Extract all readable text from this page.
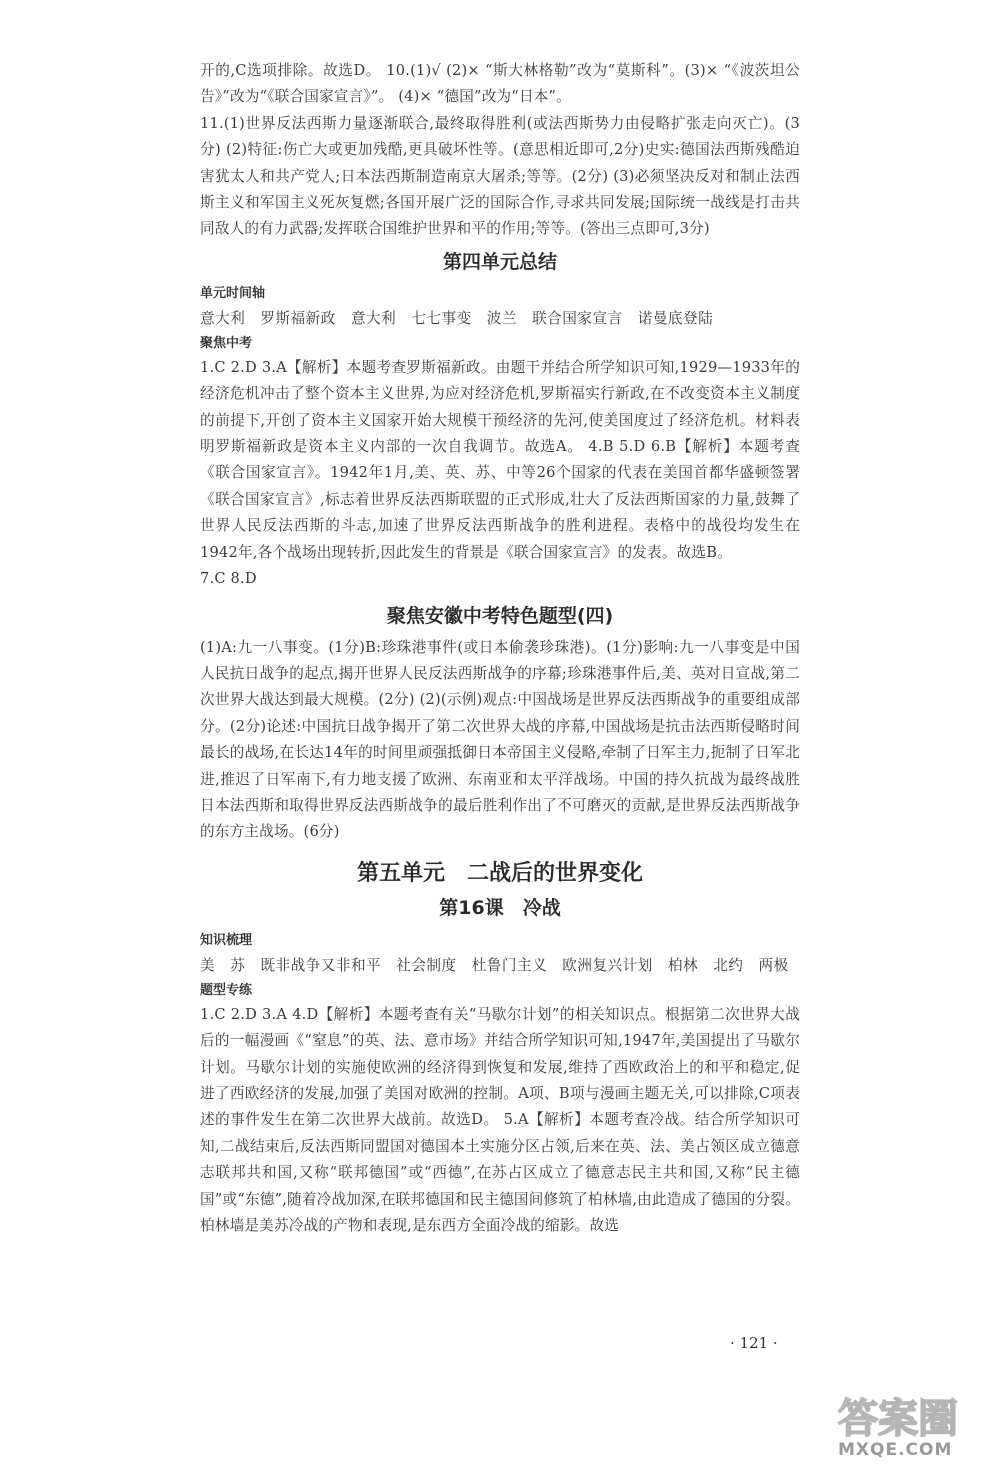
开的,C选项排除。故选D。 10.(1)√ (2)× “斯大林格勒”改为“莫斯科”。(3)× “《波茨坦公告》”改为“《联合国家宣言》”。 (4)× “德国”改为“日本”。

11.(1)世界反法西斯力量逐渐联合,最终取得胜利(或法西斯势力由侵略扩张走向灭亡)。(3分) (2)特征:伤亡大或更加残酷,更具破坏性等。(意思相近即可,2分)史实:德国法西斯残酷迫害犹太人和共产党人;日本法西斯制造南京大屠杀;等等。(2分) (3)必须坚决反对和制止法西斯主义和军国主义死灰复燃;各国开展广泛的国际合作,寻求共同发展;国际统一战线是打击共同敌人的有力武器;发挥联合国维护世界和平的作用;等等。(答出三点即可,3分)

第四单元总结
单元时间轴
意大利　罗斯福新政　意大利　七七事变　波兰　联合国家宣言　诺曼底登陆
聚焦中考

1.C 2.D 3.A【解析】本题考查罗斯福新政。由题干并结合所学知识可知,1929—1933年的经济危机冲击了整个资本主义世界,为应对经济危机,罗斯福实行新政,在不改变资本主义制度的前提下,开创了资本主义国家开始大规模干预经济的先河,使美国度过了经济危机。材料表明罗斯福新政是资本主义内部的一次自我调节。故选A。 4.B 5.D 6.B【解析】本题考查《联合国家宣言》。1942年1月,美、英、苏、中等26个国家的代表在美国首都华盛顿签署《联合国家宣言》,标志着世界反法西斯联盟的正式形成,壮大了反法西斯国家的力量,鼓舞了世界人民反法西斯的斗志,加速了世界反法西斯战争的胜利进程。表格中的战役均发生在1942年,各个战场出现转折,因此发生的背景是《联合国家宣言》的发表。故选B。

7.C 8.D

聚焦安徽中考特色题型(四)

(1)A:九一八事变。(1分)B:珍珠港事件(或日本偷袭珍珠港)。(1分)影响:九一八事变是中国人民抗日战争的起点,揭开世界人民反法西斯战争的序幕;珍珠港事件后,美、英对日宣战,第二次世界大战达到最大规模。(2分) (2)(示例)观点:中国战场是世界反法西斯战争的重要组成部分。(2分)论述:中国抗日战争揭开了第二次世界大战的序幕,中国战场是抗击法西斯侵略时间最长的战场,在长达14年的时间里顽强抵御日本帝国主义侵略,牵制了日军主力,扼制了日军北进,推迟了日军南下,有力地支援了欧洲、东南亚和太平洋战场。中国的持久抗战为最终战胜日本法西斯和取得世界反法西斯战争的最后胜利作出了不可磨灭的贡献,是世界反法西斯战争的东方主战场。(6分)

第五单元　二战后的世界变化
第16课　冷战
知识梳理
美　苏　既非战争又非和平　社会制度　杜鲁门主义　欧洲复兴计划　柏林　北约　两极
题型专练

1.C 2.D 3.A 4.D【解析】本题考查有关“马歇尔计划”的相关知识点。根据第二次世界大战后的一幅漫画《“窒息”的英、法、意市场》并结合所学知识可知,1947年,美国提出了马歇尔计划。马歇尔计划的实施使欧洲的经济得到恢复和发展,维持了西欧政治上的和平和稳定,促进了西欧经济的发展,加强了美国对欧洲的控制。A项、B项与漫画主题无关,可以排除,C项表述的事件发生在第二次世界大战前。故选D。 5.A【解析】本题考查冷战。结合所学知识可知,二战结束后,反法西斯同盟国对德国本土实施分区占领,后来在英、法、美占领区成立德意志联邦共和国,又称“联邦德国”或“西德”,在苏占区成立了德意志民主共和国,又称“民主德国”或“东德”,随着冷战加深,在联邦德国和民主德国间修筑了柏林墙,由此造成了德国的分裂。柏林墙是美苏冷战的产物和表现,是东西方全面冷战的缩影。故选

· 121 ·
答案圈
MXQE.COM
